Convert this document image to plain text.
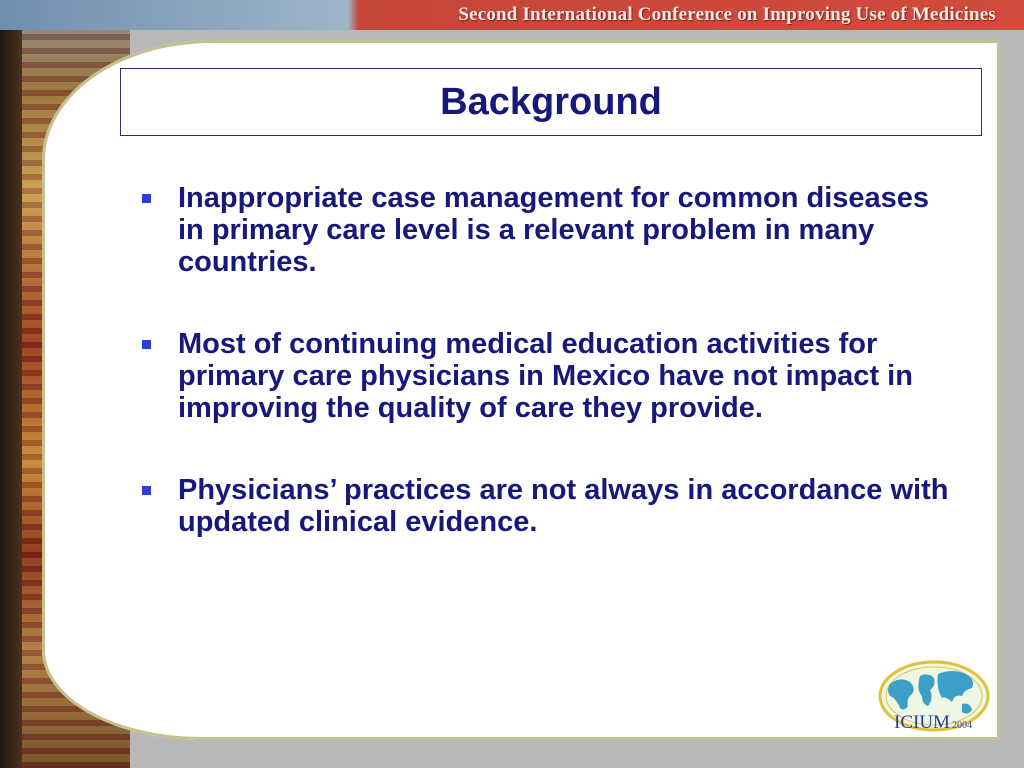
Second International Conference on Improving Use of Medicines
Background
Inappropriate case management for common diseases in primary care level is a relevant problem in many countries.
Most of continuing medical education activities for primary care physicians in Mexico have not impact in improving the quality of care they provide.
Physicians’ practices are not always in accordance with updated clinical evidence.
ICIUM 2004
